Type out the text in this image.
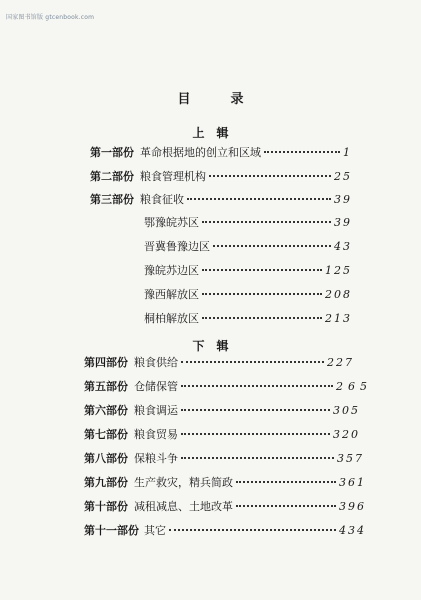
国家图书馆版 gtcenbook.com
目录
上辑
下辑
第一部份 革命根据地的创立和区域	1
第二部份 粮食管理机构	25
第三部份 粮食征收	39
鄂豫皖苏区	39
晋冀鲁豫边区	43
豫皖苏边区	125
豫西解放区	208
桐柏解放区	213
第四部份 粮食供给	227
第五部份 仓储保管	265
第六部份 粮食调运	305
第七部份 粮食贸易	320
第八部份 保粮斗争	357
第九部份 生产救灾，精兵简政	361
第十部份 减租减息、土地改革	396
第十一部份 其它	434
